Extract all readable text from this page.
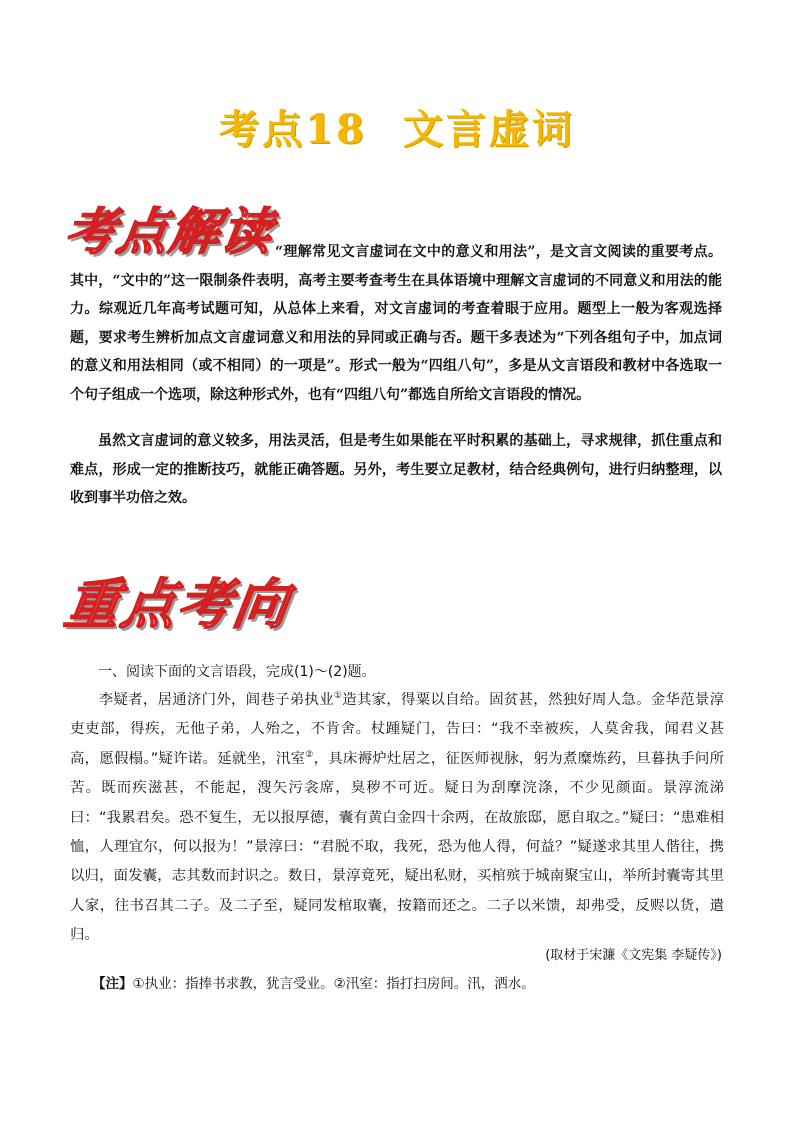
考点18 文言虚词
考点解读

“理解常见文言虚词在文中的意义和用法”，是文言文阅读的重要考点。其中，“文中的”这一限制条件表明，高考主要考查考生在具体语境中理解文言虚词的不同意义和用法的能力。综观近几年高考试题可知，从总体上来看，对文言虚词的考查着眼于应用。题型上一般为客观选择题，要求考生辨析加点文言虚词意义和用法的异同或正确与否。题干多表述为“下列各组句子中，加点词的意义和用法相同（或不相同）的一项是”。形式一般为“四组八句”，多是从文言语段和教材中各选取一个句子组成一个选项，除这种形式外，也有“四组八句”都选自所给文言语段的情况。

虽然文言虚词的意义较多，用法灵活，但是考生如果能在平时积累的基础上，寻求规律，抓住重点和难点，形成一定的推断技巧，就能正确答题。另外，考生要立足教材，结合经典例句，进行归纳整理，以收到事半功倍之效。

重点考向
一、阅读下面的文言语段，完成(1)～(2)题。

李疑者，居通济门外，闾巷子弟执业①造其家，得粟以自给。固贫甚，然独好周人急。金华范景淳吏吏部，得疾，无他子弟，人殆之，不肯舍。杖踵疑门，告曰：“我不幸被疾，人莫舍我，闻君义甚高，愿假榻。”疑许诺。延就坐，汛室②，具床褥炉灶居之，征医师视脉，躬为煮糜炼药，旦暮执手问所苦。既而疾滋甚，不能起，溲矢污衾席，臭秽不可近。疑日为刮摩浣涤，不少见颜面。景淳流涕曰：“我累君矣。恐不复生，无以报厚德，囊有黄白金四十余两，在故旅邸，愿自取之。”疑曰：“患难相恤，人理宜尔，何以报为！”景淳曰：“君脱不取，我死，恐为他人得，何益？”疑遂求其里人偕往，携以归，面发囊，志其数而封识之。数日，景淳竟死，疑出私财，买棺殡于城南聚宝山，举所封囊寄其里人家，往书召其二子。及二子至，疑同发棺取囊，按籍而还之。二子以米馈，却弗受，反赆以货，遣归。

(取材于宋濂《文宪集 李疑传》)
【注】①执业：指捧书求教，犹言受业。②汛室：指打扫房间。汛，洒水。
